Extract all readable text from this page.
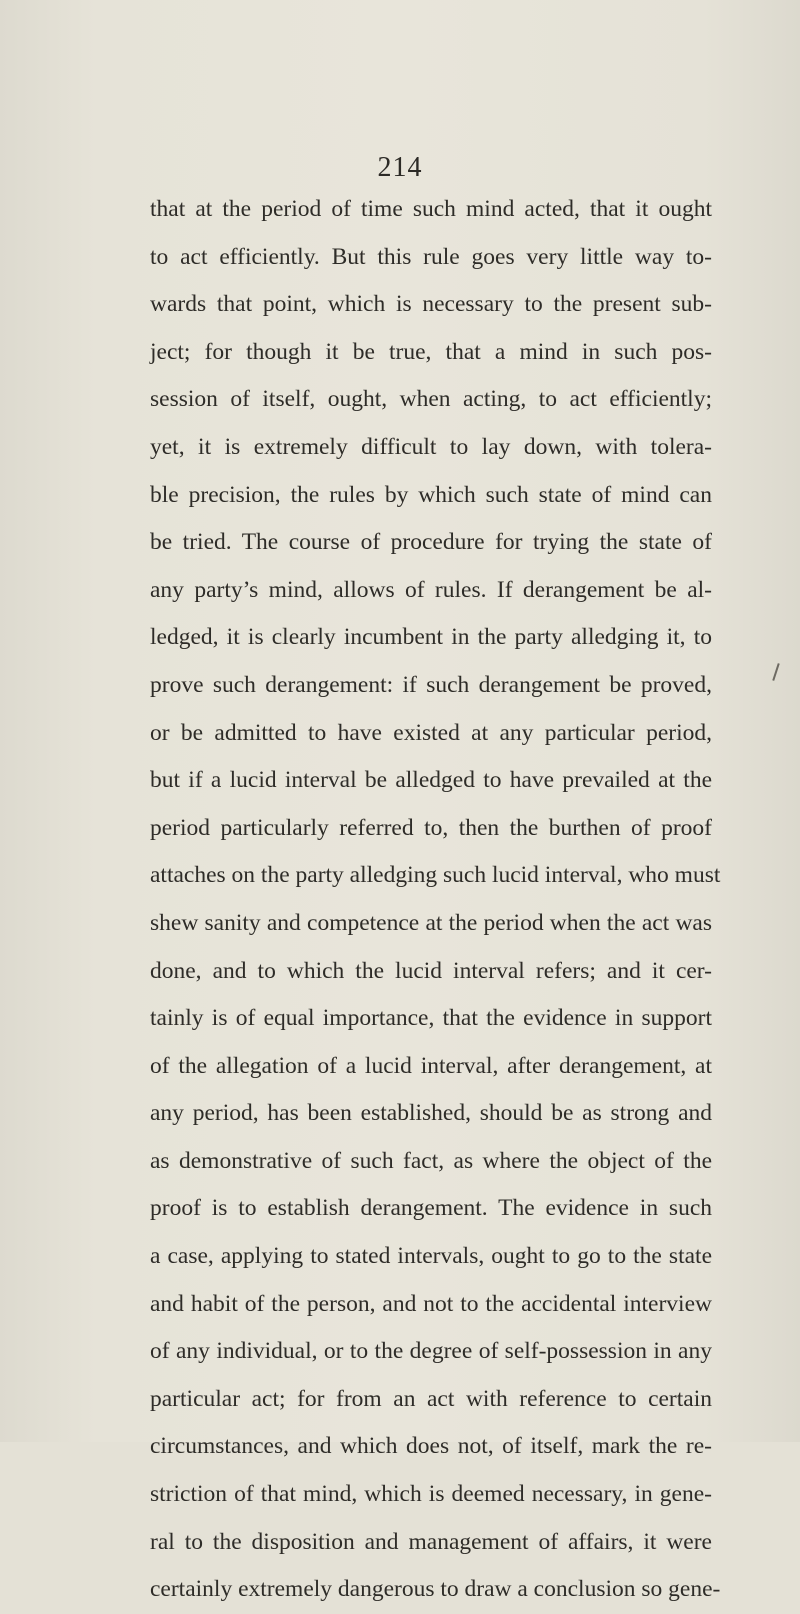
214
that at the period of time such mind acted, that it ought
to act efficiently. But this rule goes very little way to-
wards that point, which is necessary to the present sub-
ject; for though it be true, that a mind in such pos-
session of itself, ought, when acting, to act efficiently;
yet, it is extremely difficult to lay down, with tolera-
ble precision, the rules by which such state of mind can
be tried. The course of procedure for trying the state of
any party’s mind, allows of rules. If derangement be al-
ledged, it is clearly incumbent in the party alledging it, to
prove such derangement: if such derangement be proved,
or be admitted to have existed at any particular period,
but if a lucid interval be alledged to have prevailed at the
period particularly referred to, then the burthen of proof
attaches on the party alledging such lucid interval, who must
shew sanity and competence at the period when the act was
done, and to which the lucid interval refers; and it cer-
tainly is of equal importance, that the evidence in support
of the allegation of a lucid interval, after derangement, at
any period, has been established, should be as strong and
as demonstrative of such fact, as where the object of the
proof is to establish derangement. The evidence in such
a case, applying to stated intervals, ought to go to the state
and habit of the person, and not to the accidental interview
of any individual, or to the degree of self-possession in any
particular act; for from an act with reference to certain
circumstances, and which does not, of itself, mark the re-
striction of that mind, which is deemed necessary, in gene-
ral to the disposition and management of affairs, it were
certainly extremely dangerous to draw a conclusion so gene-
